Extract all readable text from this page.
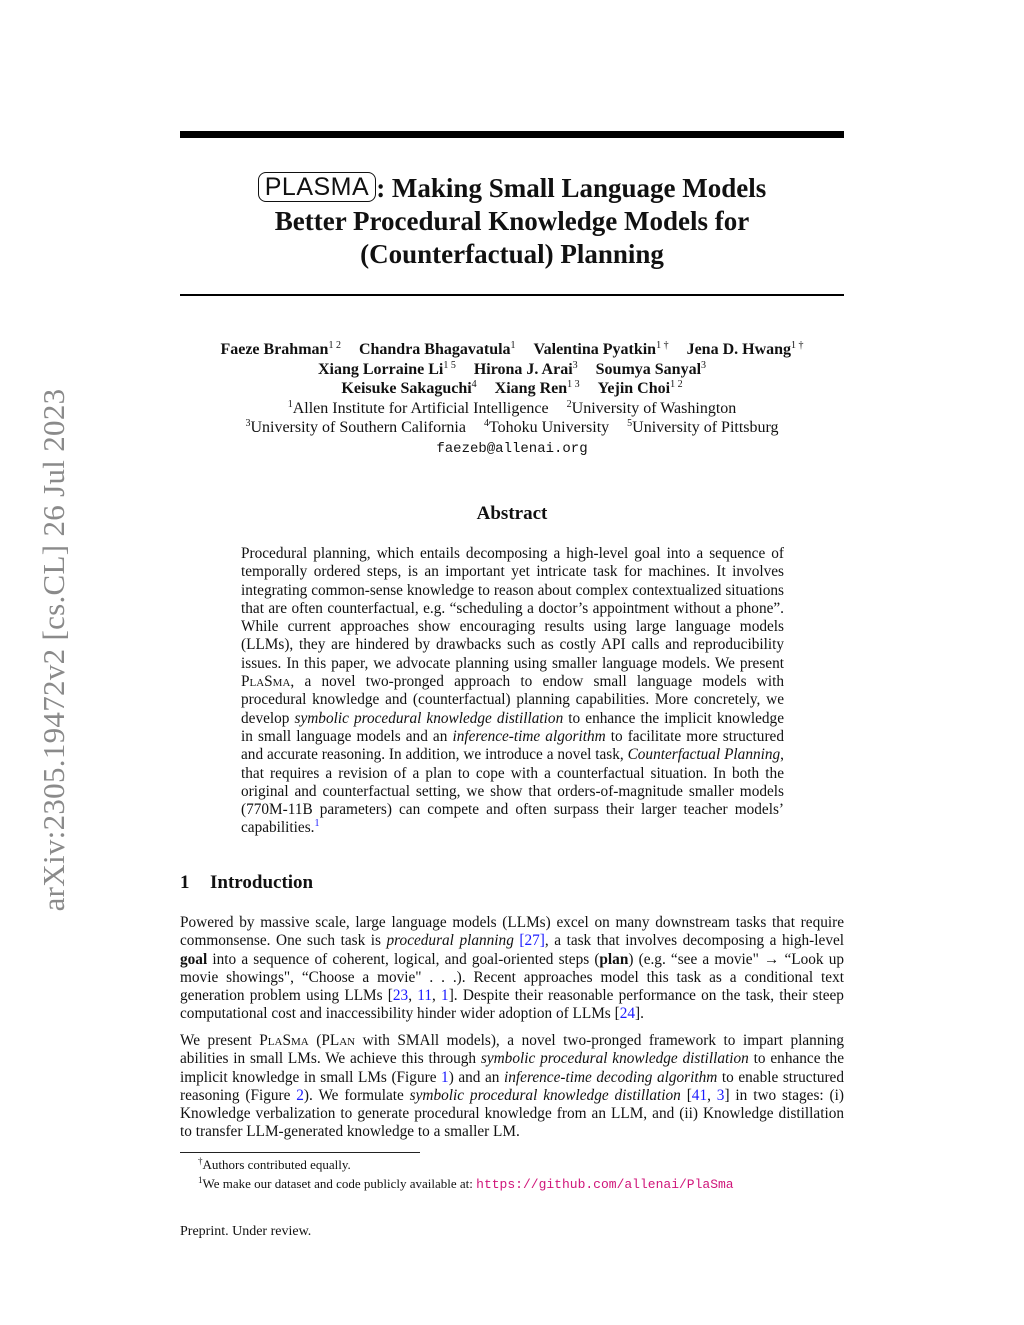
arXiv:2305.19472v2 [cs.CL] 26 Jul 2023
PLASMA : Making Small Language Models
Better Procedural Knowledge Models for
(Counterfactual) Planning
Faeze Brahman$^{1 2}$ Chandra Bhagavatula$^1$ Valentina Pyatkin$^{1 \dagger}$ Jena D. Hwang$^{1 \dagger}$
Xiang Lorraine $Li^{1 5}$ Hirona J. Arai$^3$ Soumya Sanyal$^3$
Keisuke Sakaguchi$^4$ Xiang Ren$^{1 3}$ Yejin Choi$^{1 2}$
$^1$Allen Institute for Artificial Intelligence $^2$University of Washington
$^3$University of Southern California $^4$Tohoku University $^5$University of Pittsburg
faezeb@allenai.org
Abstract
Procedural planning, which entails decomposing a high-level goal into a sequence of temporally ordered steps, is an important yet intricate task for machines. It involves integrating common-sense knowledge to reason about complex contextualized situations that are often counterfactual, e.g. “scheduling a doctor’s appointment without a phone”. While current approaches show encouraging results using large language models (LLMs), they are hindered by drawbacks such as costly API calls and reproducibility issues. In this paper, we advocate planning using smaller language models. We present PlaSma, a novel two-pronged approach to endow small language models with procedural knowledge and (counterfactual) planning capabilities. More concretely, we develop symbolic procedural knowledge distillation to enhance the implicit knowledge in small language models and an inference-time algorithm to facilitate more structured and accurate reasoning. In addition, we introduce a novel task, Counterfactual Planning, that requires a revision of a plan to cope with a counterfactual situation. In both the original and counterfactual setting, we show that orders-of-magnitude smaller models (770M-11B parameters) can compete and often surpass their larger teacher models’ capabilities.$^1$
1 Introduction
Powered by massive scale, large language models (LLMs) excel on many downstream tasks that require commonsense. One such task is procedural planning [27], a task that involves decomposing a high-level goal into a sequence of coherent, logical, and goal-oriented steps (plan) (e.g. “see a movie" → “Look up movie showings", “Choose a movie" . . .). Recent approaches model this task as a conditional text generation problem using LLMs [23, 11, 1]. Despite their reasonable performance on the task, their steep computational cost and inaccessibility hinder wider adoption of LLMs [24].
We present PlaSma (PLan with SMAll models), a novel two-pronged framework to impart planning abilities in small LMs. We achieve this through symbolic procedural knowledge distillation to enhance the implicit knowledge in small LMs (Figure 1) and an inference-time decoding algorithm to enable structured reasoning (Figure 2). We formulate symbolic procedural knowledge distillation [41, 3] in two stages: (i) Knowledge verbalization to generate procedural knowledge from an LLM, and (ii) Knowledge distillation to transfer LLM-generated knowledge to a smaller LM.
†Authors contributed equally.
$^1$We make our dataset and code publicly available at: https://github.com/allenai/PlaSma
Preprint. Under review.
